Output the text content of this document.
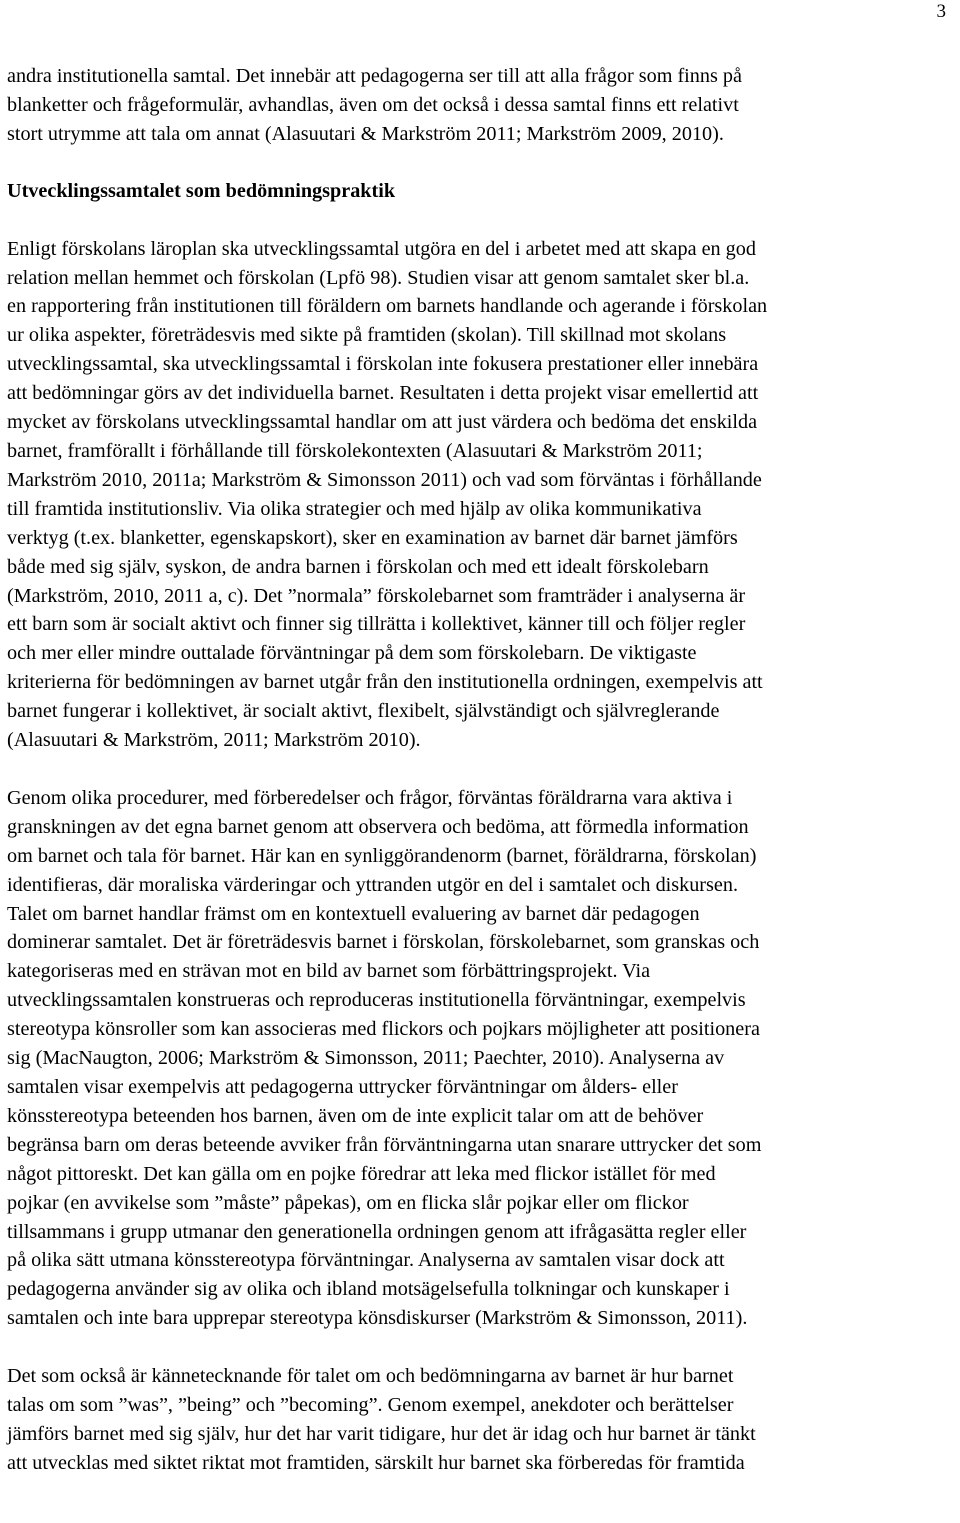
3

andra institutionella samtal. Det innebär att pedagogerna ser till att alla frågor som finns på
blanketter och frågeformulär, avhandlas, även om det också i dessa samtal finns ett relativt
stort utrymme att tala om annat (Alasuutari & Markström 2011; Markström 2009, 2010).

Utvecklingssamtalet som bedömningspraktik

Enligt förskolans läroplan ska utvecklingssamtal utgöra en del i arbetet med att skapa en god
relation mellan hemmet och förskolan (Lpfö 98). Studien visar att genom samtalet sker bl.a.
en rapportering från institutionen till föräldern om barnets handlande och agerande i förskolan
ur olika aspekter, företrädesvis med sikte på framtiden (skolan). Till skillnad mot skolans
utvecklingssamtal, ska utvecklingssamtal i förskolan inte fokusera prestationer eller innebära
att bedömningar görs av det individuella barnet. Resultaten i detta projekt visar emellertid att
mycket av förskolans utvecklingssamtal handlar om att just värdera och bedöma det enskilda
barnet, framförallt i förhållande till förskolekontexten (Alasuutari & Markström 2011;
Markström 2010, 2011a; Markström & Simonsson 2011) och vad som förväntas i förhållande
till framtida institutionsliv. Via olika strategier och med hjälp av olika kommunikativa
verktyg (t.ex. blanketter, egenskapskort), sker en examination av barnet där barnet jämförs
både med sig själv, syskon, de andra barnen i förskolan och med ett idealt förskolebarn
(Markström, 2010, 2011 a, c). Det ”normala” förskolebarnet som framträder i analyserna är
ett barn som är socialt aktivt och finner sig tillrätta i kollektivet, känner till och följer regler
och mer eller mindre outtalade förväntningar på dem som förskolebarn. De viktigaste
kriterierna för bedömningen av barnet utgår från den institutionella ordningen, exempelvis att
barnet fungerar i kollektivet, är socialt aktivt, flexibelt, självständigt och självreglerande
(Alasuutari & Markström, 2011; Markström 2010).

Genom olika procedurer, med förberedelser och frågor, förväntas föräldrarna vara aktiva i
granskningen av det egna barnet genom att observera och bedöma, att förmedla information
om barnet och tala för barnet. Här kan en synliggörandenorm (barnet, föräldrarna, förskolan)
identifieras, där moraliska värderingar och yttranden utgör en del i samtalet och diskursen.
Talet om barnet handlar främst om en kontextuell evaluering av barnet där pedagogen
dominerar samtalet. Det är företrädesvis barnet i förskolan, förskolebarnet, som granskas och
kategoriseras med en strävan mot en bild av barnet som förbättringsprojekt. Via
utvecklingssamtalen konstrueras och reproduceras institutionella förväntningar, exempelvis
stereotypa könsroller som kan associeras med flickors och pojkars möjligheter att positionera
sig (MacNaugton, 2006; Markström & Simonsson, 2011; Paechter, 2010). Analyserna av
samtalen visar exempelvis att pedagogerna uttrycker förväntningar om ålders- eller
könsstereotypa beteenden hos barnen, även om de inte explicit talar om att de behöver
begränsa barn om deras beteende avviker från förväntningarna utan snarare uttrycker det som
något pittoreskt. Det kan gälla om en pojke föredrar att leka med flickor istället för med
pojkar (en avvikelse som ”måste” påpekas), om en flicka slår pojkar eller om flickor
tillsammans i grupp utmanar den generationella ordningen genom att ifrågasätta regler eller
på olika sätt utmana könsstereotypa förväntningar. Analyserna av samtalen visar dock att
pedagogerna använder sig av olika och ibland motsägelsefulla tolkningar och kunskaper i
samtalen och inte bara upprepar stereotypa könsdiskurser (Markström & Simonsson, 2011).

Det som också är kännetecknande för talet om och bedömningarna av barnet är hur barnet
talas om som ”was”, ”being” och ”becoming”. Genom exempel, anekdoter och berättelser
jämförs barnet med sig själv, hur det har varit tidigare, hur det är idag och hur barnet är tänkt
att utvecklas med siktet riktat mot framtiden, särskilt hur barnet ska förberedas för framtida
